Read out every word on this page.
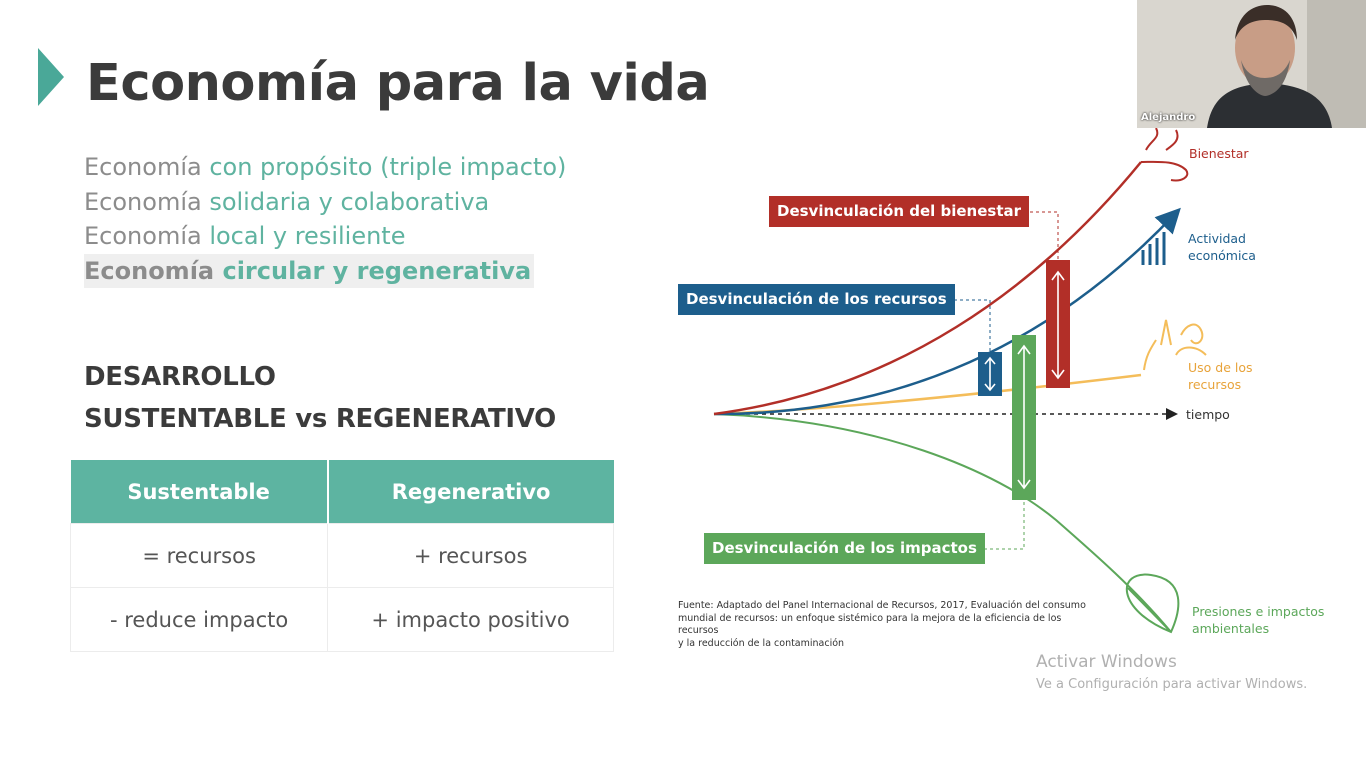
Economía para la vida
Economía con propósito (triple impacto)
Economía solidaria y colaborativa
Economía local y resiliente
Economía circular y regenerativa
DESARROLLO
SUSTENTABLE vs REGENERATIVO
Sustentable	Regenerativo
= recursos	+ recursos
- reduce impacto	+ impacto positivo
Desvinculación del bienestar
Desvinculación de los recursos
Desvinculación de los impactos
Bienestar
Actividad
económica
Uso de los
recursos
tiempo
Presiones e impactos
ambientales
Fuente: Adaptado del Panel Internacional de Recursos, 2017, Evaluación del consumo
mundial de recursos: un enfoque sistémico para la mejora de la eficiencia de los recursos
y la reducción de la contaminación
Activar Windows
Ve a Configuración para activar Windows.
Alejandro
